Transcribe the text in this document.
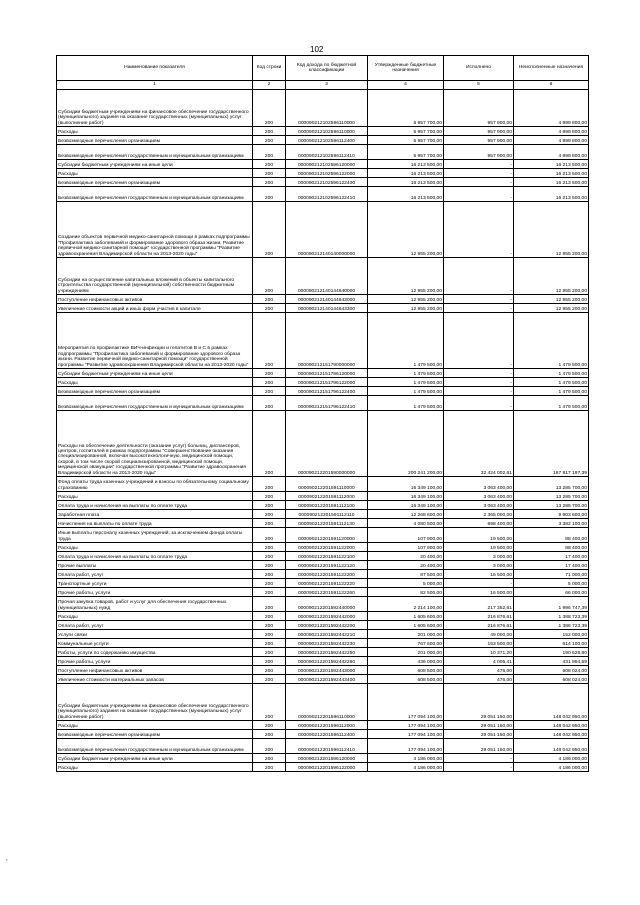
102
Наименование показателя	Код строки	Код дохода по бюджетной классификации	Утвержденные бюджетные назначения	Исполнено	Неисполненные назначения
1	2	3	4	5	6
Субсидии бюджетным учреждениям на финансовое обеспечение государственного (муниципального) задания на оказание государственных (муниципальных) услуг (выполнение работ)	200	000090212102596110000	5 957 700,00	957 900,00	4 999 800,00
Расходы	200	000090212102596110000	5 957 700,00	957 900,00	4 999 800,00
Безвозмездные перечисления организациям	200	000090212102596112400	5 957 700,00	957 900,00	4 999 800,00
Безвозмездные перечисления государственным и муниципальным организациям	200	000090212102596112410	5 957 700,00	957 900,00	4 999 800,00
Субсидии бюджетным учреждениям на иные цели	200	000090212102596120000	16 213 500,00	-	16 213 500,00
Расходы	200	000090212102596122000	16 213 500,00	-	16 213 500,00
Безвозмездные перечисления организациям	200	000090212102596122400	16 213 500,00	-	16 213 500,00
Безвозмездные перечисления государственным и муниципальным организациям	200	000090212102596122410	16 213 500,00	-	16 213 500,00
Создание объектов первичной медико-санитарной помощи в рамках подпрограммы "Профилактика заболеваний и формирование здорового образа жизни. Развитие первичной медико-санитарной помощи" государственной программы "Развитие здравоохранения Владимирской области на 2013-2020 годы"	200	000090212140140000000	12 955 200,00	-	12 955 200,00
Субсидии на осуществление капитальных вложений в объекты капитального строительства государственной (муниципальной) собственности бюджетным учреждениям	200	000090212140144640000	12 955 200,00	-	12 955 200,00
Поступление нефинансовых активов	200	000090212140144643000	12 955 200,00	-	12 955 200,00
Увеличение стоимости акций и иных форм участия в капитале	200	000090212140144643300	12 955 200,00	-	12 955 200,00
Мероприятия по профилактике ВИЧ-инфекции и гепатитов В и С в рамках подпрограммы "Профилактика заболеваний и формирование здорового образа жизни. Развитие первичной медико-санитарной помощи" государственной программы "Развитие здравоохранения Владимирской области на 2013-2020 годы"	200	000090212151790000000	1 479 500,00	-	1 479 500,00
Субсидии бюджетным учреждениям на иные цели	200	000090212151796120000	1 479 500,00	-	1 479 500,00
Расходы	200	000090212151796122000	1 479 500,00	-	1 479 500,00
Безвозмездные перечисления организациям	200	000090212151796122400	1 479 500,00	-	1 479 500,00
Безвозмездные перечисления государственным и муниципальным организациям	200	000090212151796122410	1 479 500,00	-	1 479 500,00
Расходы на обеспечение деятельности (оказание услуг) больниц, диспансеров, центров, госпиталей в рамках подпрограммы "Совершенствование оказания специализированной, включая высокотехнологичную, медицинской помощи, скорой, в том числе скорой специализированной, медицинской помощи, медицинской эвакуации" государственной программы "Развитие здравоохранения Владимирской области на 2013-2020 годы"	200	000090212201590000000	200 241 200,00	32 424 002,61	167 817 197,39
Фонд оплаты труда казенных учреждений и взносы по обязательному социальному страхованию	200	000090212201591110000	16 349 100,00	3 063 400,00	13 285 700,00
Расходы	200	000090212201591112000	16 349 100,00	3 063 400,00	13 285 700,00
Оплата труда и начисления на выплаты по оплате труда	200	000090212201591112100	16 349 100,00	3 063 400,00	13 285 700,00
Заработная плата	200	000090212201591112110	12 268 600,00	2 365 000,00	9 903 600,00
Начисления на выплаты по оплате труда	200	000090212201591112130	4 080 500,00	698 400,00	3 382 100,00
Иные выплаты персоналу казенных учреждений, за исключением фонда оплаты труда	200	000090212201591120000	107 900,00	19 500,00	88 400,00
Расходы	200	000090212201591122000	107 900,00	19 500,00	88 400,00
Оплата труда и начисления на выплаты по оплате труда	200	000090212201591122100	20 400,00	3 000,00	17 400,00
Прочие выплаты	200	000090212201591122120	20 400,00	3 000,00	17 400,00
Оплата работ, услуг	200	000090212201591122200	87 500,00	16 500,00	71 000,00
Транспортные услуги	200	000090212201591122220	5 000,00	-	5 000,00
Прочие работы, услуги	200	000090212201591122260	82 500,00	16 500,00	66 000,00
Прочая закупка товаров, работ и услуг для обеспечения государственных (муниципальных) нужд	200	000090212201592440000	2 214 100,00	217 352,61	1 996 747,39
Расходы	200	000090212201592442000	1 605 600,00	216 876,61	1 388 723,39
Оплата работ, услуг	200	000090212201592442200	1 605 600,00	216 876,61	1 388 723,39
Услуги связи	200	000090212201592442210	201 000,00	49 000,00	152 000,00
Коммунальные услуги	200	000090212201592442230	767 600,00	153 500,00	614 100,00
Работы, услуги по содержанию имущества	200	000090212201592442250	201 000,00	10 371,20	190 628,80
Прочие работы, услуги	200	000090212201592442260	436 000,00	4 005,41	431 994,59
Поступление нефинансовых активов	200	000090212201592443000	608 500,00	476,00	608 024,00
Увеличение стоимости материальных запасов	200	000090212201592443400	608 500,00	476,00	608 024,00
Субсидии бюджетным учреждениям на финансовое обеспечение государственного (муниципального) задания на оказание государственных (муниципальных) услуг (выполнение работ)	200	000090212201596110000	177 094 100,00	29 051 150,00	148 042 950,00
Расходы	200	000090212201596112000	177 094 100,00	29 051 150,00	148 042 950,00
Безвозмездные перечисления организациям	200	000090212201596112400	177 094 100,00	29 051 150,00	148 042 950,00
Безвозмездные перечисления государственным и муниципальным организациям	200	000090212201596112410	177 094 100,00	29 051 150,00	148 042 950,00
Субсидии бюджетным учреждениям на иные цели	200	000090212201596120000	4 186 000,00	-	4 186 000,00
Расходы	200	000090212201596122000	4 186 000,00	-	4 186 000,00
,
